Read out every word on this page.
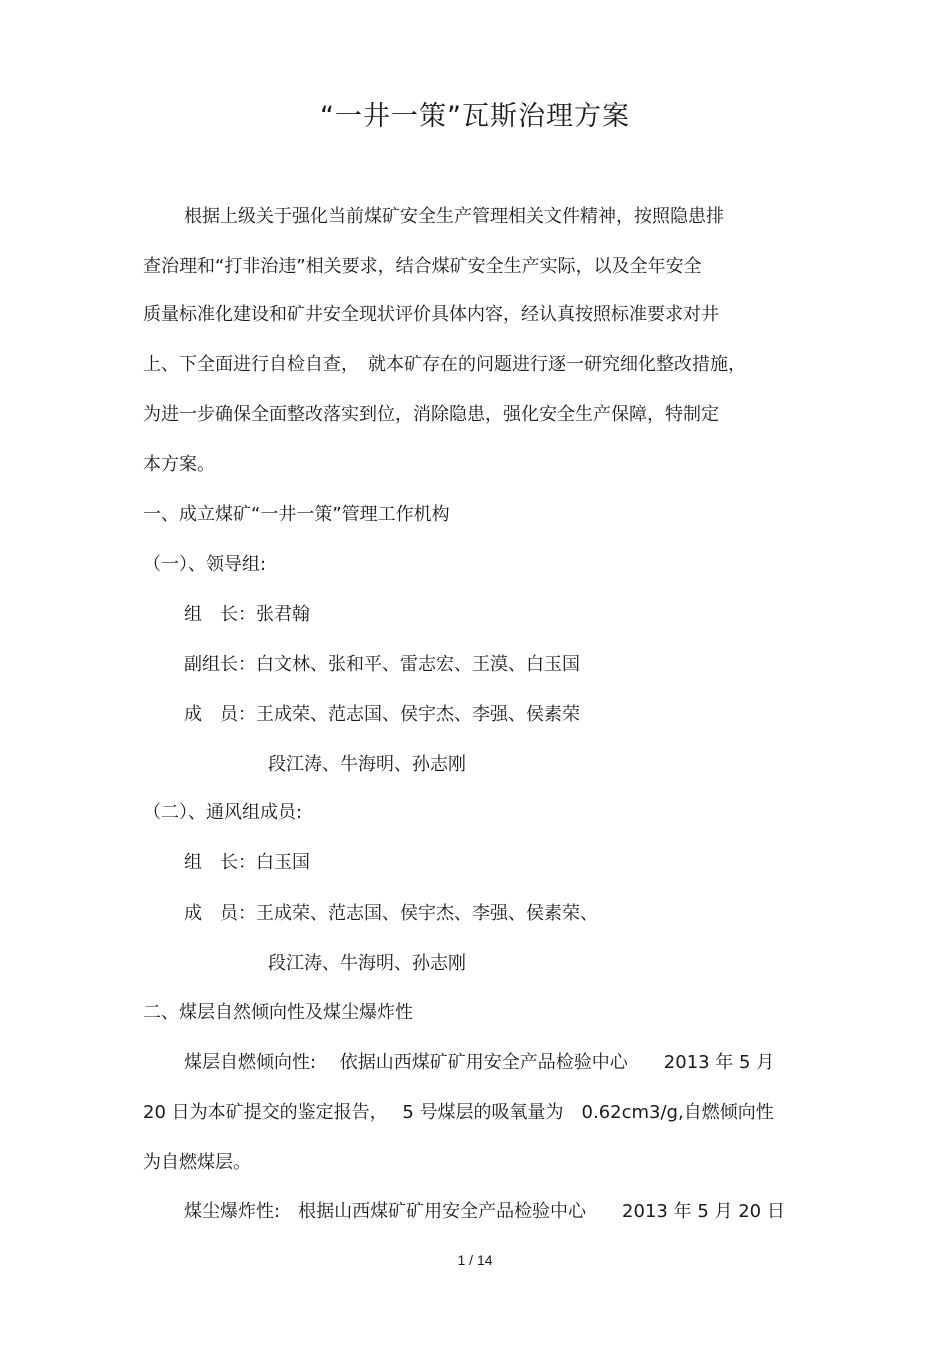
“一井一策”瓦斯治理方案
根据上级关于强化当前煤矿安全生产管理相关文件精神，按照隐患排
查治理和“打非治违”相关要求，结合煤矿安全生产实际，以及全年安全
质量标准化建设和矿井安全现状评价具体内容，经认真按照标准要求对井
上、下全面进行自检自查，　就本矿存在的问题进行逐一研究细化整改措施，
为进一步确保全面整改落实到位，消除隐患，强化安全生产保障，特制定
本方案。
一、成立煤矿“一井一策”管理工作机构
（一）、领导组:
组　长：张君翰
副组长：白文林、张和平、雷志宏、王漠、白玉国
成　员：王成荣、范志国、侯宇杰、李强、侯素荣
段江涛、牛海明、孙志刚
（二）、通风组成员:
组　长：白玉国
成　员：王成荣、范志国、侯宇杰、李强、侯素荣、
段江涛、牛海明、孙志刚
二、煤层自然倾向性及煤尘爆炸性
煤层自燃倾向性:　 依据山西煤矿矿用安全产品检验中心　　2013 年 5 月
20 日为本矿提交的鉴定报告，　 5 号煤层的吸氧量为　0.62cm3/g,自燃倾向性
为自燃煤层。
煤尘爆炸性:　根据山西煤矿矿用安全产品检验中心　　2013 年 5 月 20 日
1 / 14
